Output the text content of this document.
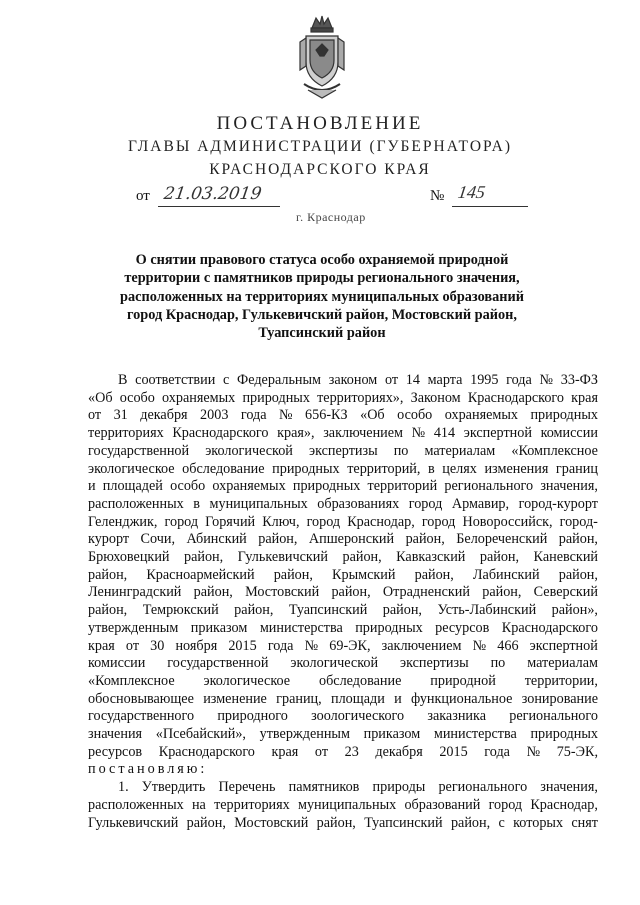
ПОСТАНОВЛЕНИЕ
ГЛАВЫ АДМИНИСТРАЦИИ (ГУБЕРНАТОРА)
КРАСНОДАРСКОГО КРАЯ
от 21.03.2019	№ 145
г. Краснодар
О снятии правового статуса особо охраняемой природной
территории с памятников природы регионального значения,
расположенных на территориях муниципальных образований
город Краснодар, Гулькевичский район, Мостовский район,
Туапсинский район
В соответствии с Федеральным законом от 14 марта 1995 года № 33-ФЗ
«Об особо охраняемых природных территориях», Законом Краснодарского края
от 31 декабря 2003 года № 656-КЗ «Об особо охраняемых природных
территориях Краснодарского края», заключением № 414 экспертной комиссии
государственной экологической экспертизы по материалам «Комплексное
экологическое обследование природных территорий, в целях изменения границ
и площадей особо охраняемых природных территорий регионального значения,
расположенных в муниципальных образованиях город Армавир, город-курорт
Геленджик, город Горячий Ключ, город Краснодар, город Новороссийск, город-
курорт Сочи, Абинский район, Апшеронский район, Белореченский район,
Брюховецкий район, Гулькевичский район, Кавказский район, Каневский
район, Красноармейский район, Крымский район, Лабинский район,
Ленинградский район, Мостовский район, Отрадненский район, Северский
район, Темрюкский район, Туапсинский район, Усть-Лабинский район»,
утвержденным приказом министерства природных ресурсов Краснодарского
края от 30 ноября 2015 года № 69-ЭК, заключением № 466 экспертной
комиссии государственной экологической экспертизы по материалам
«Комплексное экологическое обследование природной территории,
обосновывающее изменение границ, площади и функциональное зонирование
государственного природного зоологического заказника регионального
значения «Псебайский», утвержденным приказом министерства природных
ресурсов Краснодарского края от 23 декабря 2015 года № 75-ЭК,
постановляю:
1. Утвердить Перечень памятников природы регионального значения,
расположенных на территориях муниципальных образований город Краснодар,
Гулькевичский район, Мостовский район, Туапсинский район, с которых снят
